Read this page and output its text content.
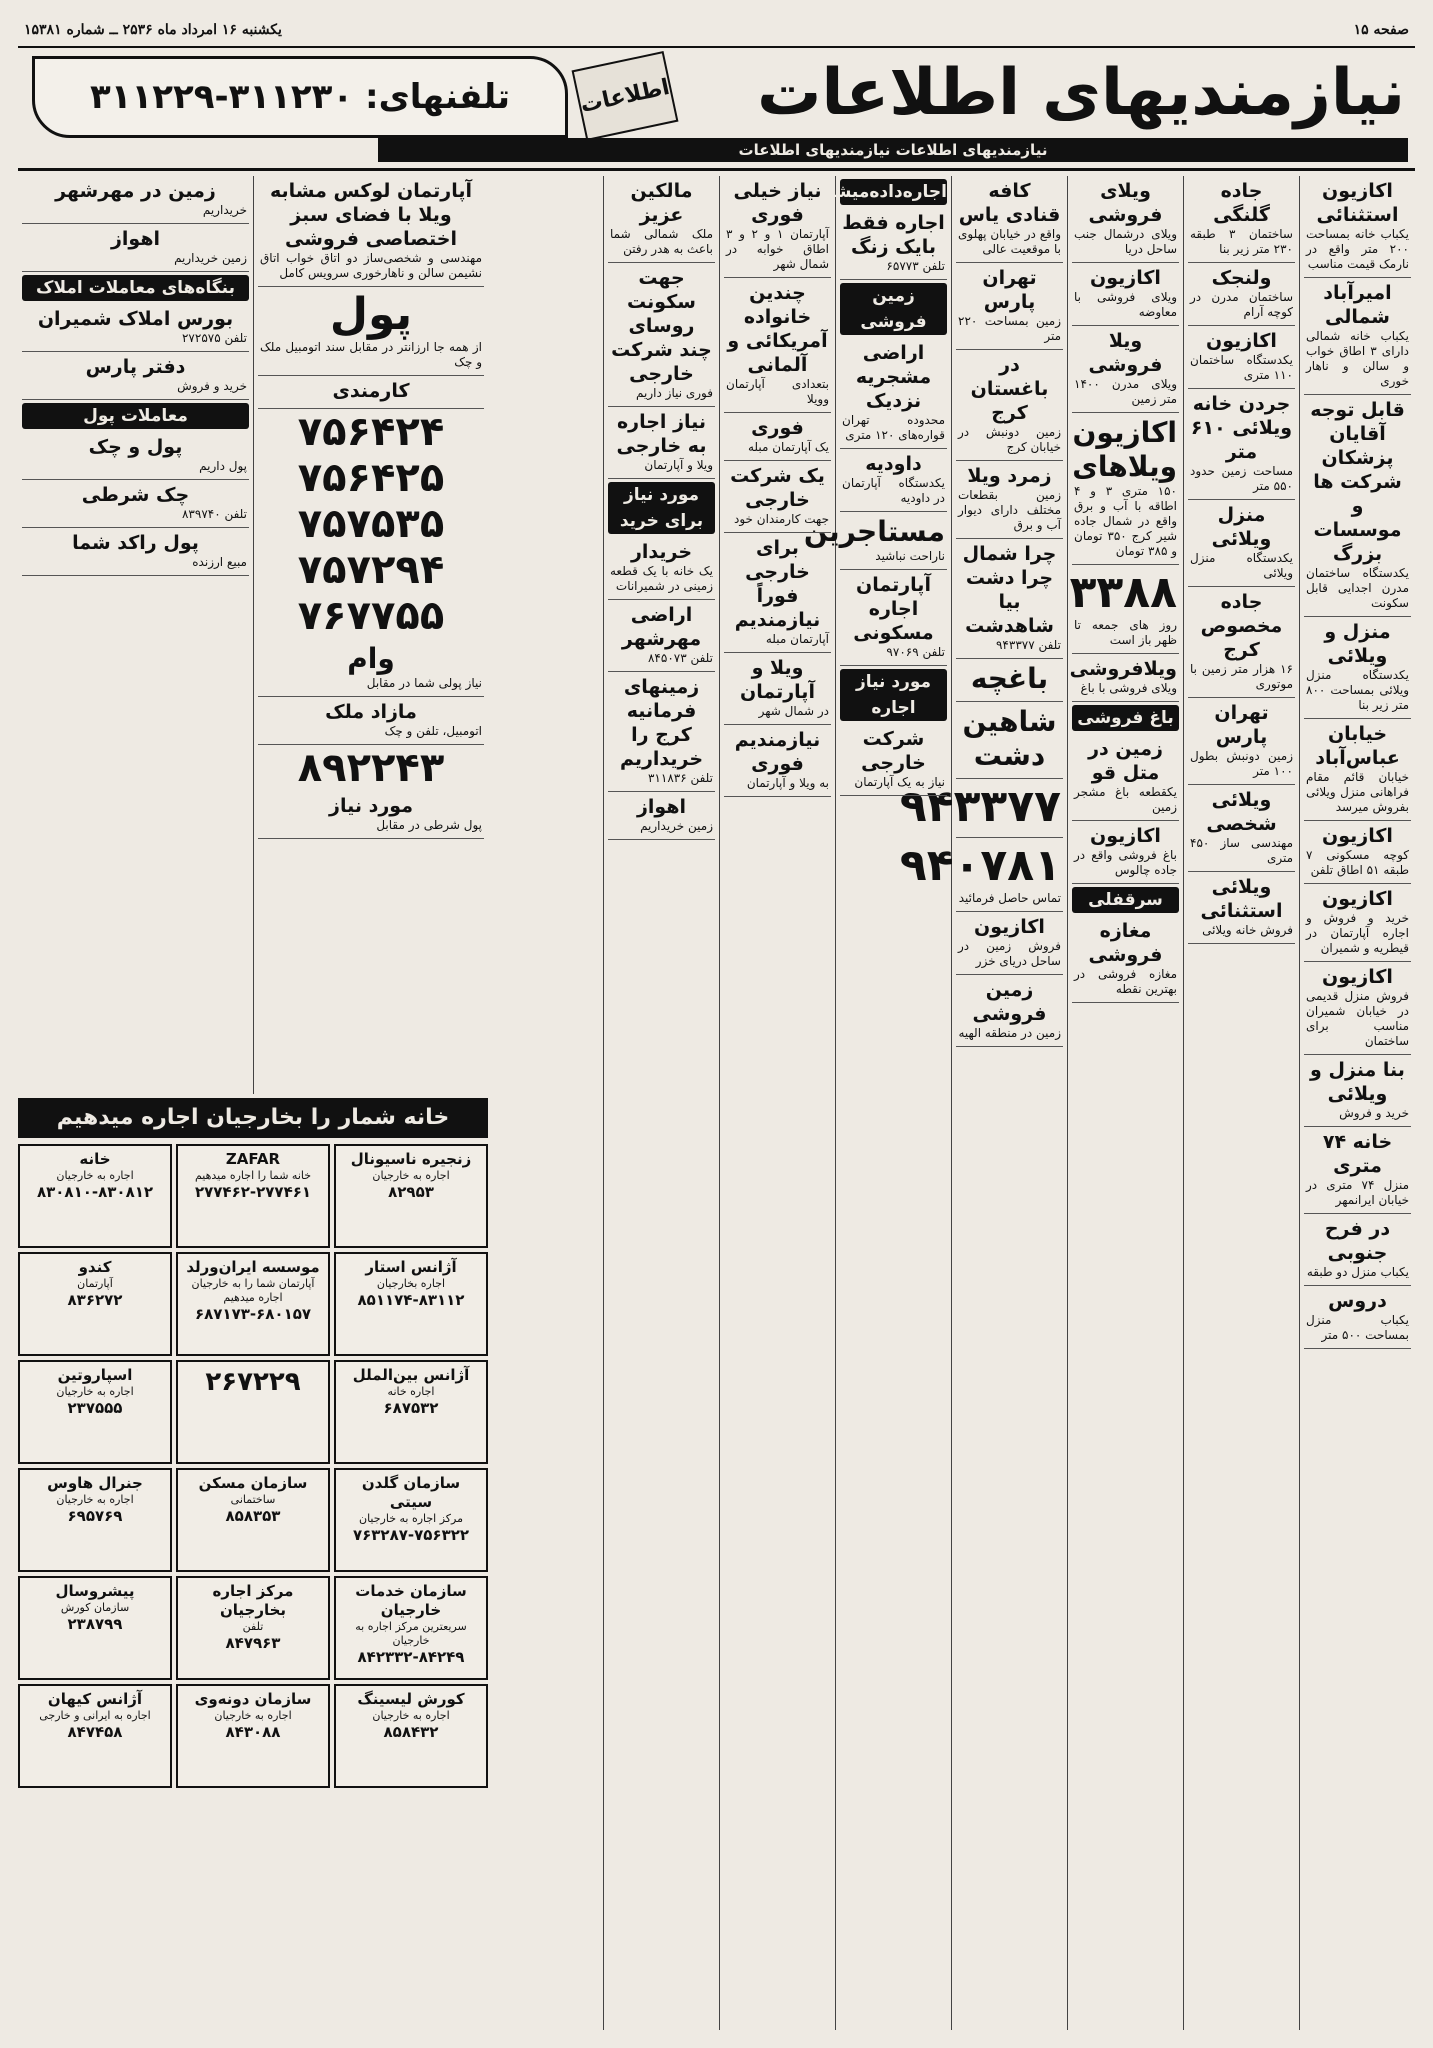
صفحه ۱۵
یکشنبه ۱۶ امرداد ماه ۲۵۳۶ ــ شماره ۱۵۳۸۱
نیازمندیهای اطلاعات
اطلاعات
تلفنهای: ۳۱۱۲۳۰-۳۱۱۲۲۹
نیازمندیهای اطلاعات نیازمندیهای اطلاعات
اکازیون استثنائی
یکباب خانه بمساحت ۲۰۰ متر واقع در نارمک قیمت مناسب
امیرآباد شمالی
یکباب خانه شمالی دارای ۳ اطاق خواب و سالن و ناهار خوری
قابل توجه آقایان پزشکان شرکت ها و موسسات بزرگ
یکدستگاه ساختمان مدرن اجدایی قابل سکونت
منزل و ویلائی
یکدستگاه منزل ویلائی بمساحت ۸۰۰ متر زیر بنا
خیابان عباس‌آباد
خیابان قائم مقام فراهانی منزل ویلائی بفروش میرسد
اکازیون
کوچه مسکونی ۷ طبقه ۵۱ اطاق تلفن
اکازیون
خرید و فروش و اجاره آپارتمان در قیطریه و شمیران
اکازیون
فروش منزل قدیمی در خیابان شمیران مناسب برای ساختمان
بنا منزل و ویلائی
خرید و فروش
خانه ۷۴ متری
منزل ۷۴ متری در خیابان ایرانمهر
در فرح جنوبی
یکباب منزل دو طبقه
دروس
یکباب منزل بمساحت ۵۰۰ متر
جاده گلنگی
ساختمان ۳ طبقه ۲۳۰ متر زیر بنا
ولنجک
ساختمان مدرن در کوچه آرام
اکازیون
یکدستگاه ساختمان ۱۱۰ متری
جردن خانه ویلائی ۶۱۰ متر
مساحت زمین حدود ۵۵۰ متر
منزل ویلائی
یکدستگاه منزل ویلائی
جاده مخصوص کرج
۱۶ هزار متر زمین با موتوری
تهران پارس
زمین دونبش بطول ۱۰۰ متر
ویلائی شخصی
مهندسی ساز ۴۵۰ متری
ویلائی استثنائی
فروش خانه ویلائی
ویلای فروشی
ویلای درشمال جنب ساحل دریا
اکازیون
ویلای فروشی با معاوضه
ویلا فروشی
ویلای مدرن ۱۴۰۰ متر زمین
اکازیون ویلاهای
۱۵۰ متری ۳ و ۴ اطاقه با آب و برق واقع در شمال جاده شیر کرج ۳۵۰ تومان و ۳۸۵ تومان
۳۳۸۸
روز های جمعه تا ظهر باز است
ویلافروشی
ویلای فروشی با باغ
باغ فروشی
زمین در متل قو
یکقطعه باغ مشجر زمین
اکازیون
باغ فروشی واقع در جاده چالوس
سرقفلی
مغازه فروشی
مغازه فروشی در بهترین نقطه
کافه قنادی یاس
واقع در خیابان پهلوی با موقعیت عالی
تهران پارس
زمین بمساحت ۲۲۰ متر
در باغستان کرج
زمین دونبش در خیابان کرج
زمرد ویلا
زمین بقطعات مختلف دارای دیوار آب و برق
چرا شمال چرا دشت بیا شاهدشت
تلفن ۹۴۳۳۷۷
باغچه
شاهین دشت
۹۴۳۳۷۷
۹۴۰۷۸۱
تماس حاصل فرمائید
اکازیون
فروش زمین در ساحل دریای خزر
زمین فروشی
زمین در منطقه الهیه
اجاره‌داده‌میشود
اجاره فقط بایک زنگ
تلفن ۶۵۷۷۳
زمین فروشی
اراضی مشجریه نزدیک
محدوده تهران قواره‌های ۱۲۰ متری
داودیه
یکدستگاه آپارتمان در داودیه
مستاجرین
ناراحت نباشید
آپارتمان اجاره مسکونی
تلفن ۹۷۰۶۹
مورد نیاز اجاره
شرکت خارجی
نیاز به یک آپارتمان
نیاز خیلی فوری
آپارتمان ۱ و ۲ و ۳ اطاق خوابه در شمال شهر
چندین خانواده آمریکائی و آلمانی
بتعدادی آپارتمان وویلا
فوری
یک آپارتمان مبله
یک شرکت خارجی
جهت کارمندان خود
برای خارجی فوراً نیازمندیم
آپارتمان مبله
ویلا و آپارتمان
در شمال شهر
نیازمندیم فوری
به ویلا و آپارتمان
مالکین عزیز
ملک شمالی شما باعث به هدر رفتن
جهت سکونت روسای چند شرکت خارجی
فوری نیاز داریم
نیاز اجاره به خارجی
ویلا و آپارتمان
مورد نیاز برای خرید
خریدار
یک خانه با یک قطعه زمینی در شمیرانات
اراضی مهرشهر
تلفن ۸۴۵۰۷۳
زمینهای فرمانیه کرج را خریداریم
تلفن ۳۱۱۸۳۶
اهواز
زمین خریداریم
آپارتمان لوکس مشابه ویلا با فضای سبز اختصاصی فروشی
مهندسی و شخصی‌ساز دو اتاق خواب اتاق نشیمن سالن و ناهارخوری سرویس کامل
پول
از همه جا ارزانتر در مقابل سند اتومبیل ملک و چک
کارمندی
۷۵۶۴۲۴
۷۵۶۴۲۵
۷۵۷۵۳۵
۷۵۷۲۹۴
۷۶۷۷۵۵
وام
نیاز پولی شما در مقابل
مازاد ملک
اتومبیل، تلفن و چک
۸۹۲۲۴۳
مورد نیاز
پول شرطی در مقابل
زمین در مهرشهر
خریداریم
اهواز
زمین خریداریم
بنگاه‌های معاملات املاک
بورس املاک شمیران
تلفن ۲۷۲۵۷۵
دفتر پارس
خرید و فروش
معاملات پول
پول و چک
پول داریم
چک شرطی
تلفن ۸۳۹۷۴۰
پول راکد شما
مبیع ارزنده
خانه شمار را بخارجیان اجاره میدهیم
زنجیره ناسیونال
اجاره به خارجیان
۸۲۹۵۳
ZAFAR
خانه شما را اجاره میدهیم
۲۷۷۴۶۲-۲۷۷۴۶۱
خانه
اجاره به خارجیان
۸۳۰۸۱۰-۸۳۰۸۱۲
آژانس استار
اجاره بخارجیان
۸۵۱۱۷۴-۸۳۱۱۲
موسسه ایران‌ورلد
آپارتمان شما را به خارجیان اجاره میدهیم
۶۸۷۱۷۳-۶۸۰۱۵۷
کندو
آپارتمان
۸۳۶۲۷۲
آژانس بین‌الملل
اجاره خانه
۶۸۷۵۳۲
۲۶۷۲۲۹
اسپاروتین
اجاره به خارجیان
۲۳۷۵۵۵
سازمان گلدن سیتی
مرکز اجاره به خارجیان
۷۶۳۲۸۷-۷۵۶۳۲۲
سازمان مسکن
ساختمانی
۸۵۸۳۵۳
جنرال هاوس
اجاره به خارجیان
۶۹۵۷۶۹
سازمان خدمات خارجیان
سریعترین مرکز اجاره به خارجیان
۸۴۲۳۳۲-۸۴۲۴۹
مرکز اجاره بخارجیان
تلفن
۸۴۷۹۶۳
پیشروسال
سازمان کورش
۲۳۸۷۹۹
کورش لیسینگ
اجاره به خارجیان
۸۵۸۴۳۲
سازمان دونه‌وی
اجاره به خارجیان
۸۴۳۰۸۸
آژانس کیهان
اجاره به ایرانی و خارجی
۸۴۷۴۵۸
